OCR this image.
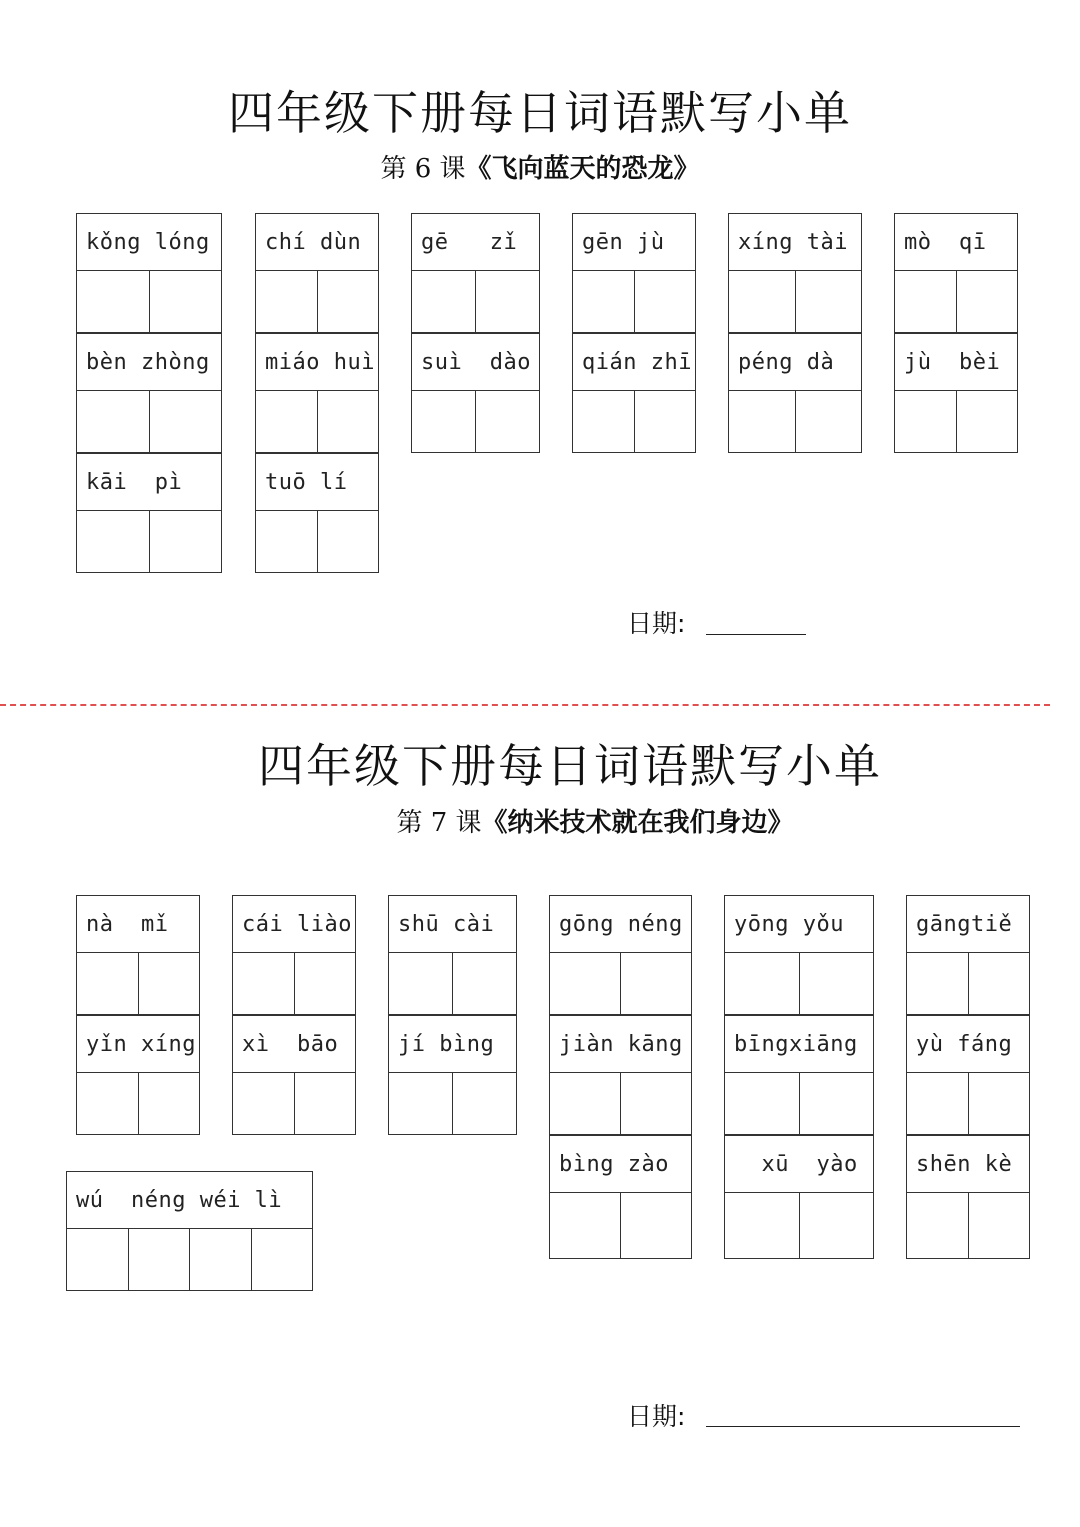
四年级下册每日词语默写小单
第 6 课《飞向蓝天的恐龙》
kǒng lóng
bèn zhòng
kāi  pì
chí dùn
miáo huì
tuō lí
gē   zǐ
suì  dào
gēn jù
qián zhī
xíng tài
péng dà
mò  qī
jù  bèi
日期:
四年级下册每日词语默写小单
第 7 课《纳米技术就在我们身边》
nà  mǐ
yǐn xíng
cái liào
xì  bāo
shū cài
jí bìng
gōng néng
jiàn kāng
bìng zào
yōng yǒu
bīngxiāng
xū  yào
gāngtiě
yù fáng
shēn kè
wú  néng wéi lì
日期:
